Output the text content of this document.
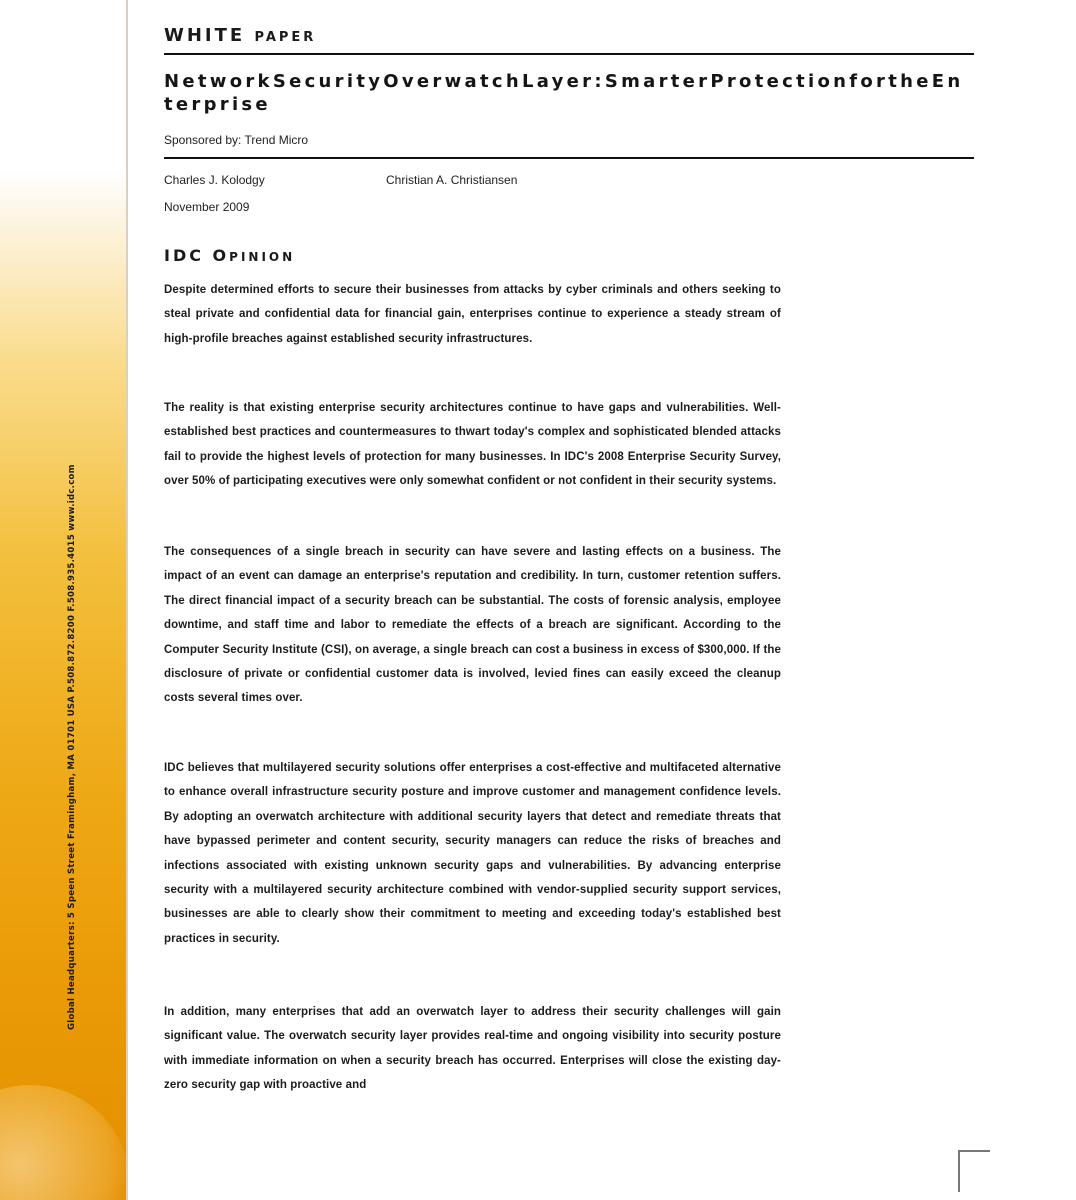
Global Headquarters: 5 Speen Street Framingham, MA 01701 USA P.508.872.8200 F.508.935.4015 www.idc.com
WHITE PAPER
NetworkSecurityOverwatchLayer:SmarterProtectionfortheEnterprise
Sponsored by: Trend Micro
Charles J. Kolodgy	Christian A. Christiansen
November 2009
IDC OPINION

Despite determined efforts to secure their businesses from attacks by cyber criminals and others seeking to steal private and confidential data for financial gain, enterprises continue to experience a steady stream of high-profile breaches against established security infrastructures.

The reality is that existing enterprise security architectures continue to have gaps and vulnerabilities. Well-established best practices and countermeasures to thwart today's complex and sophisticated blended attacks fail to provide the highest levels of protection for many businesses. In IDC's 2008 Enterprise Security Survey, over 50% of participating executives were only somewhat confident or not confident in their security systems.

The consequences of a single breach in security can have severe and lasting effects on a business. The impact of an event can damage an enterprise's reputation and credibility. In turn, customer retention suffers. The direct financial impact of a security breach can be substantial. The costs of forensic analysis, employee downtime, and staff time and labor to remediate the effects of a breach are significant. According to the Computer Security Institute (CSI), on average, a single breach can cost a business in excess of $300,000. If the disclosure of private or confidential customer data is involved, levied fines can easily exceed the cleanup costs several times over.

IDC believes that multilayered security solutions offer enterprises a cost-effective and multifaceted alternative to enhance overall infrastructure security posture and improve customer and management confidence levels. By adopting an overwatch architecture with additional security layers that detect and remediate threats that have bypassed perimeter and content security, security managers can reduce the risks of breaches and infections associated with existing unknown security gaps and vulnerabilities. By advancing enterprise security with a multilayered security architecture combined with vendor-supplied security support services, businesses are able to clearly show their commitment to meeting and exceeding today's established best practices in security.

In addition, many enterprises that add an overwatch layer to address their security challenges will gain significant value. The overwatch security layer provides real-time and ongoing visibility into security posture with immediate information on when a security breach has occurred. Enterprises will close the existing day-zero security gap with proactive and
